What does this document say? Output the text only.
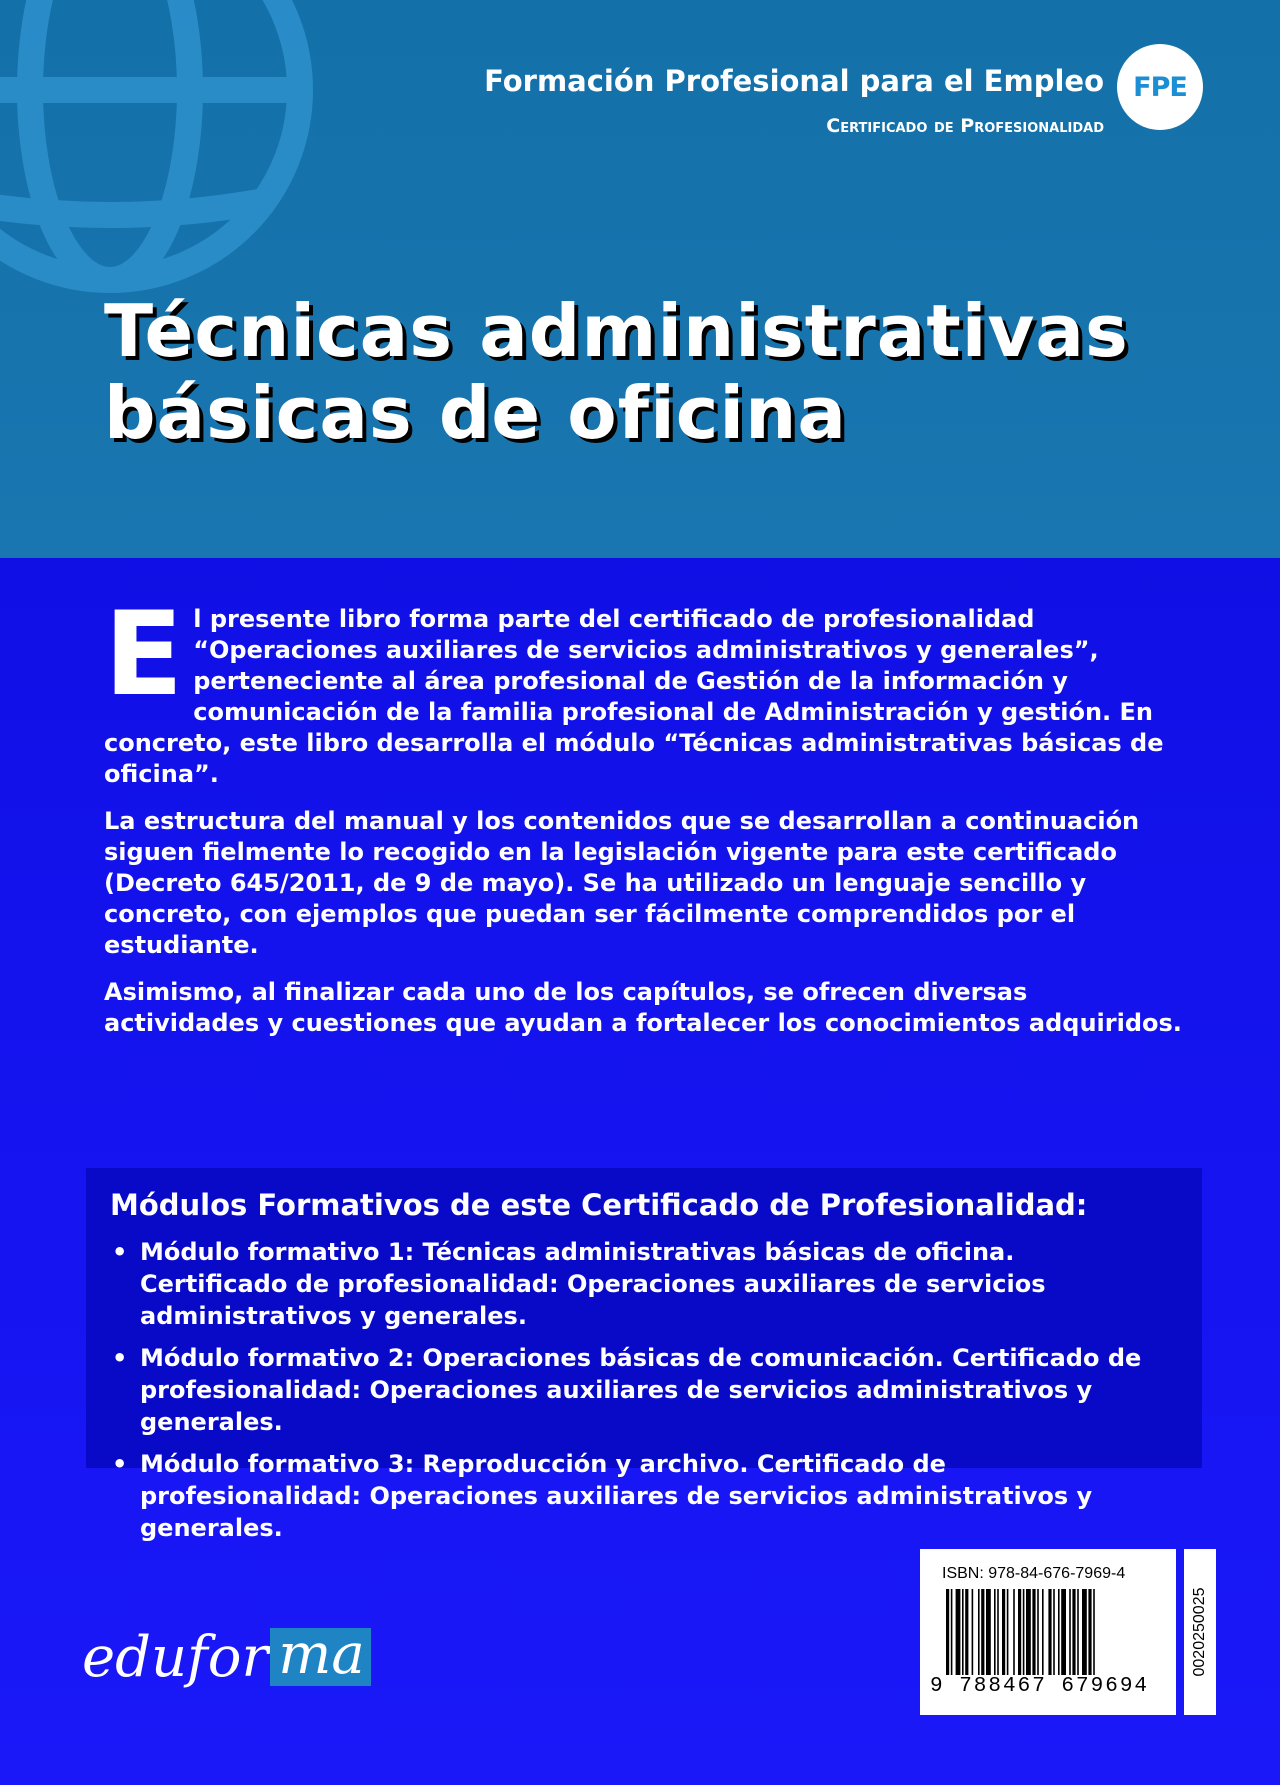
Formación Profesional para el Empleo
Certificado de Profesionalidad
FPE
Técnicas administrativas
básicas de oficina

E l presente libro forma parte del certificado de profesionalidad “Operaciones auxiliares de servicios administrativos y generales”, perteneciente al área profesional de Gestión de la información y comunicación de la familia profesional de Administración y gestión. En concreto, este libro desarrolla el módulo “Técnicas administrativas básicas de oficina”.

La estructura del manual y los contenidos que se desarrollan a continuación siguen fielmente lo recogido en la legislación vigente para este certificado (Decreto 645/2011, de 9 de mayo). Se ha utilizado un lenguaje sencillo y concreto, con ejemplos que puedan ser fácilmente comprendidos por el estudiante.

Asimismo, al finalizar cada uno de los capítulos, se ofrecen diversas actividades y cuestiones que ayudan a fortalecer los conocimientos adquiridos.

Módulos Formativos de este Certificado de Profesionalidad:
• Módulo formativo 1: Técnicas administrativas básicas de oficina. Certificado de profesionalidad: Operaciones auxiliares de servicios administrativos y generales.
• Módulo formativo 2: Operaciones básicas de comunicación. Certificado de profesionalidad: Operaciones auxiliares de servicios administrativos y generales.
• Módulo formativo 3: Reproducción y archivo. Certificado de profesionalidad: Operaciones auxiliares de servicios administrativos y generales.
edufor ma
ISBN: 978-84-676-7969-4
9 788467 679694
0020250025
